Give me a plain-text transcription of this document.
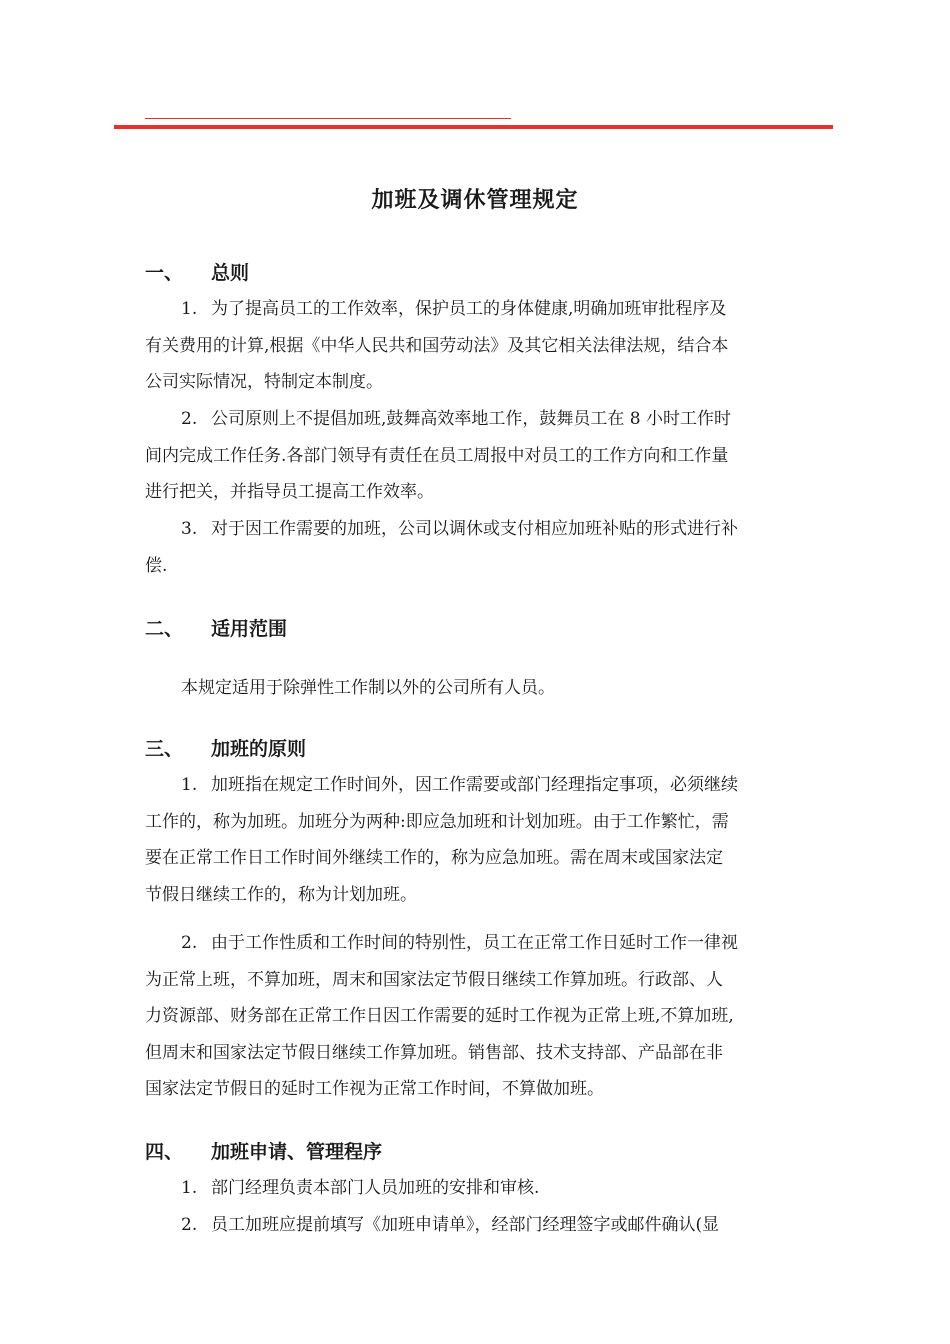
加班及调休管理规定
一、 总则
1. 为了提高员工的工作效率，保护员工的身体健康,明确加班审批程序及
有关费用的计算,根据《中华人民共和国劳动法》及其它相关法律法规，结合本
公司实际情况，特制定本制度。
2. 公司原则上不提倡加班,鼓舞高效率地工作，鼓舞员工在 8 小时工作时
间内完成工作任务.各部门领导有责任在员工周报中对员工的工作方向和工作量
进行把关，并指导员工提高工作效率。
3. 对于因工作需要的加班，公司以调休或支付相应加班补贴的形式进行补
偿.
二、 适用范围
本规定适用于除弹性工作制以外的公司所有人员。
三、 加班的原则
1. 加班指在规定工作时间外，因工作需要或部门经理指定事项，必须继续
工作的，称为加班。加班分为两种:即应急加班和计划加班。由于工作繁忙，需
要在正常工作日工作时间外继续工作的，称为应急加班。需在周末或国家法定
节假日继续工作的，称为计划加班。
2. 由于工作性质和工作时间的特别性，员工在正常工作日延时工作一律视
为正常上班，不算加班，周末和国家法定节假日继续工作算加班。行政部、人
力资源部、财务部在正常工作日因工作需要的延时工作视为正常上班,不算加班,
但周末和国家法定节假日继续工作算加班。销售部、技术支持部、产品部在非
国家法定节假日的延时工作视为正常工作时间，不算做加班。
四、 加班申请、管理程序
1. 部门经理负责本部门人员加班的安排和审核.
2. 员工加班应提前填写《加班申请单》，经部门经理签字或邮件确认(显
